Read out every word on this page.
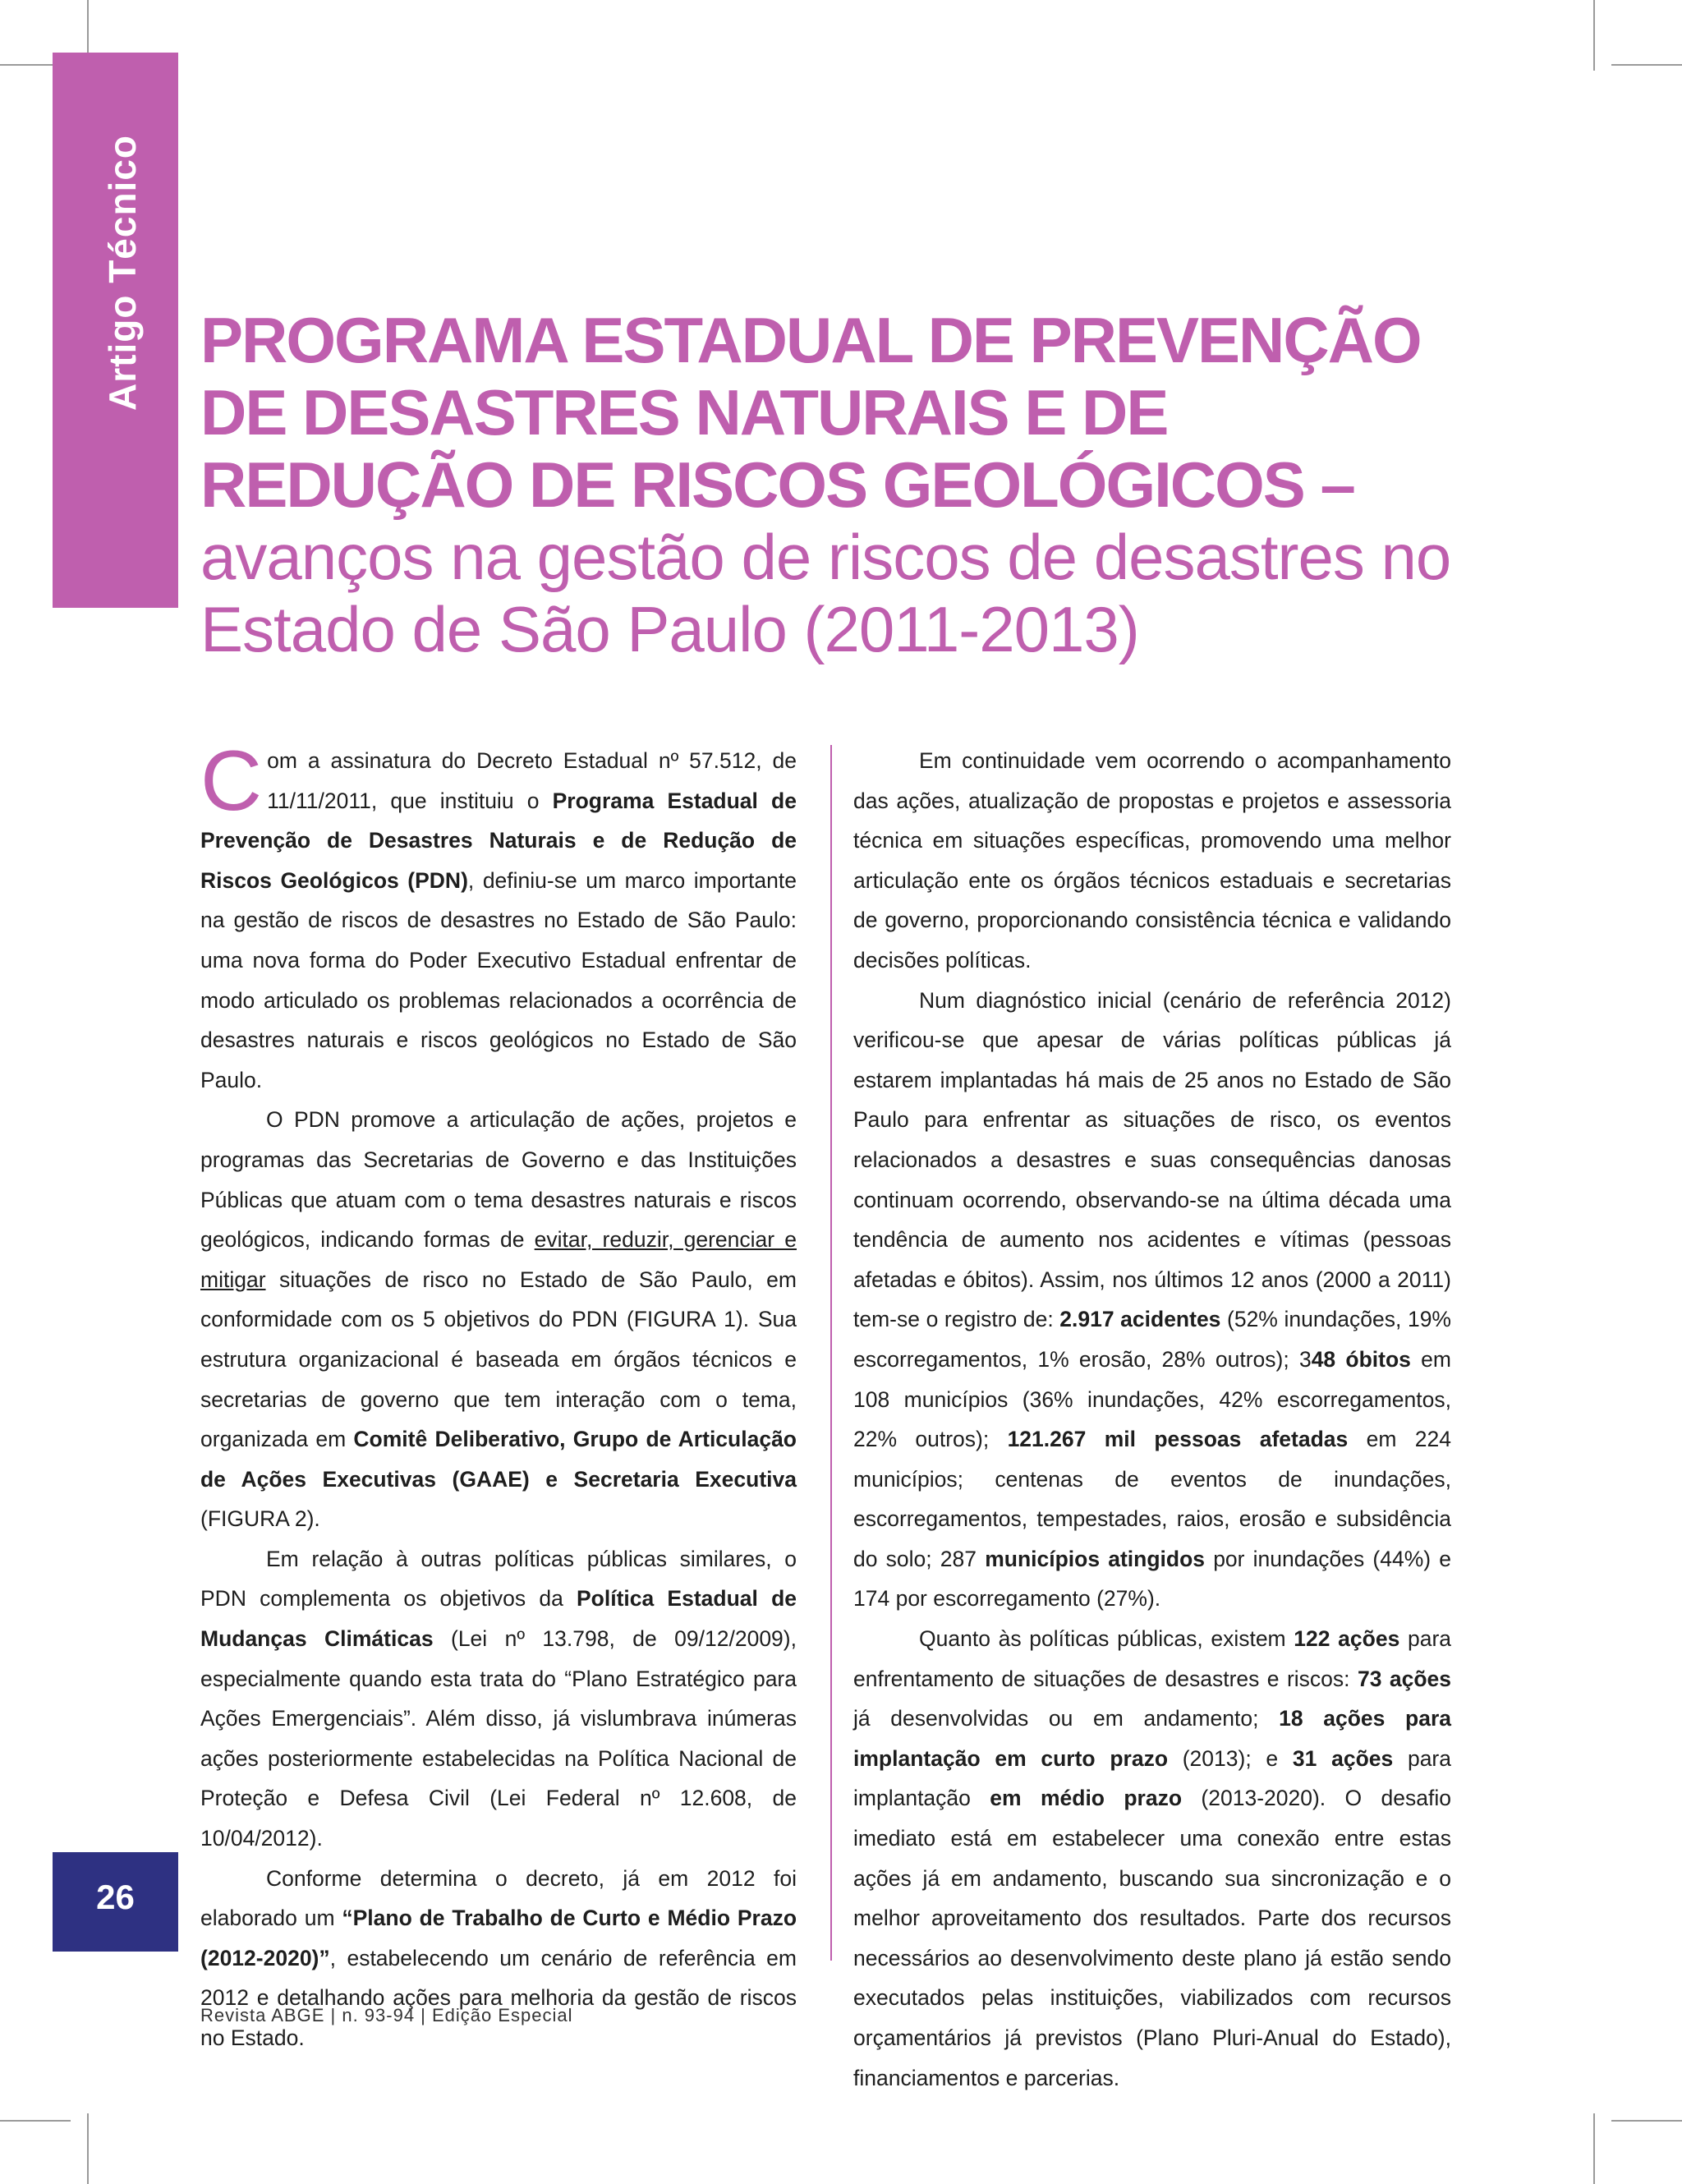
Artigo Técnico
26
PROGRAMA ESTADUAL DE PREVENÇÃO DE DESASTRES NATURAIS E DE REDUÇÃO DE RISCOS GEOLÓGICOS – avanços na gestão de riscos de desastres no Estado de São Paulo (2011-2013)

Com a assinatura do Decreto Estadual nº 57.512, de 11/11/2011, que instituiu o Programa Estadual de Prevenção de Desastres Naturais e de Redução de Riscos Geológicos (PDN), definiu-se um marco importante na gestão de riscos de desastres no Estado de São Paulo: uma nova forma do Poder Executivo Estadual enfrentar de modo articulado os problemas relacionados a ocorrência de desastres naturais e riscos geológicos no Estado de São Paulo.

O PDN promove a articulação de ações, projetos e programas das Secretarias de Governo e das Instituições Públicas que atuam com o tema desastres naturais e riscos geológicos, indicando formas de evitar, reduzir, gerenciar e mitigar situações de risco no Estado de São Paulo, em conformidade com os 5 objetivos do PDN (FIGURA 1). Sua estrutura organizacional é baseada em órgãos técnicos e secretarias de governo que tem interação com o tema, organizada em Comitê Deliberativo, Grupo de Articulação de Ações Executivas (GAAE) e Secretaria Executiva (FIGURA 2).

Em relação à outras políticas públicas similares, o PDN complementa os objetivos da Política Estadual de Mudanças Climáticas (Lei nº 13.798, de 09/12/2009), especialmente quando esta trata do “Plano Estratégico para Ações Emergenciais”. Além disso, já vislumbrava inúmeras ações posteriormente estabelecidas na Política Nacional de Proteção e Defesa Civil (Lei Federal nº 12.608, de 10/04/2012).

Conforme determina o decreto, já em 2012 foi elaborado um “Plano de Trabalho de Curto e Médio Prazo (2012-2020)”, estabelecendo um cenário de referência em 2012 e detalhando ações para melhoria da gestão de riscos no Estado.

Em continuidade vem ocorrendo o acompanhamento das ações, atualização de propostas e projetos e assessoria técnica em situações específicas, promovendo uma melhor articulação ente os órgãos técnicos estaduais e secretarias de governo, proporcionando consistência técnica e validando decisões políticas.

Num diagnóstico inicial (cenário de referência 2012) verificou-se que apesar de várias políticas públicas já estarem implantadas há mais de 25 anos no Estado de São Paulo para enfrentar as situações de risco, os eventos relacionados a desastres e suas consequências danosas continuam ocorrendo, observando-se na última década uma tendência de aumento nos acidentes e vítimas (pessoas afetadas e óbitos). Assim, nos últimos 12 anos (2000 a 2011) tem-se o registro de: 2.917 acidentes (52% inundações, 19% escorregamentos, 1% erosão, 28% outros); 348 óbitos em 108 municípios (36% inundações, 42% escorregamentos, 22% outros); 121.267 mil pessoas afetadas em 224 municípios; centenas de eventos de inundações, escorregamentos, tempestades, raios, erosão e subsidência do solo; 287 municípios atingidos por inundações (44%) e 174 por escorregamento (27%).

Quanto às políticas públicas, existem 122 ações para enfrentamento de situações de desastres e riscos: 73 ações já desenvolvidas ou em andamento; 18 ações para implantação em curto prazo (2013); e 31 ações para implantação em médio prazo (2013-2020). O desafio imediato está em estabelecer uma conexão entre estas ações já em andamento, buscando sua sincronização e o melhor aproveitamento dos resultados. Parte dos recursos necessários ao desenvolvimento deste plano já estão sendo executados pelas instituições, viabilizados com recursos orçamentários já previstos (Plano Pluri-Anual do Estado), financiamentos e parcerias.

Revista ABGE | n. 93-94 | Edição Especial
